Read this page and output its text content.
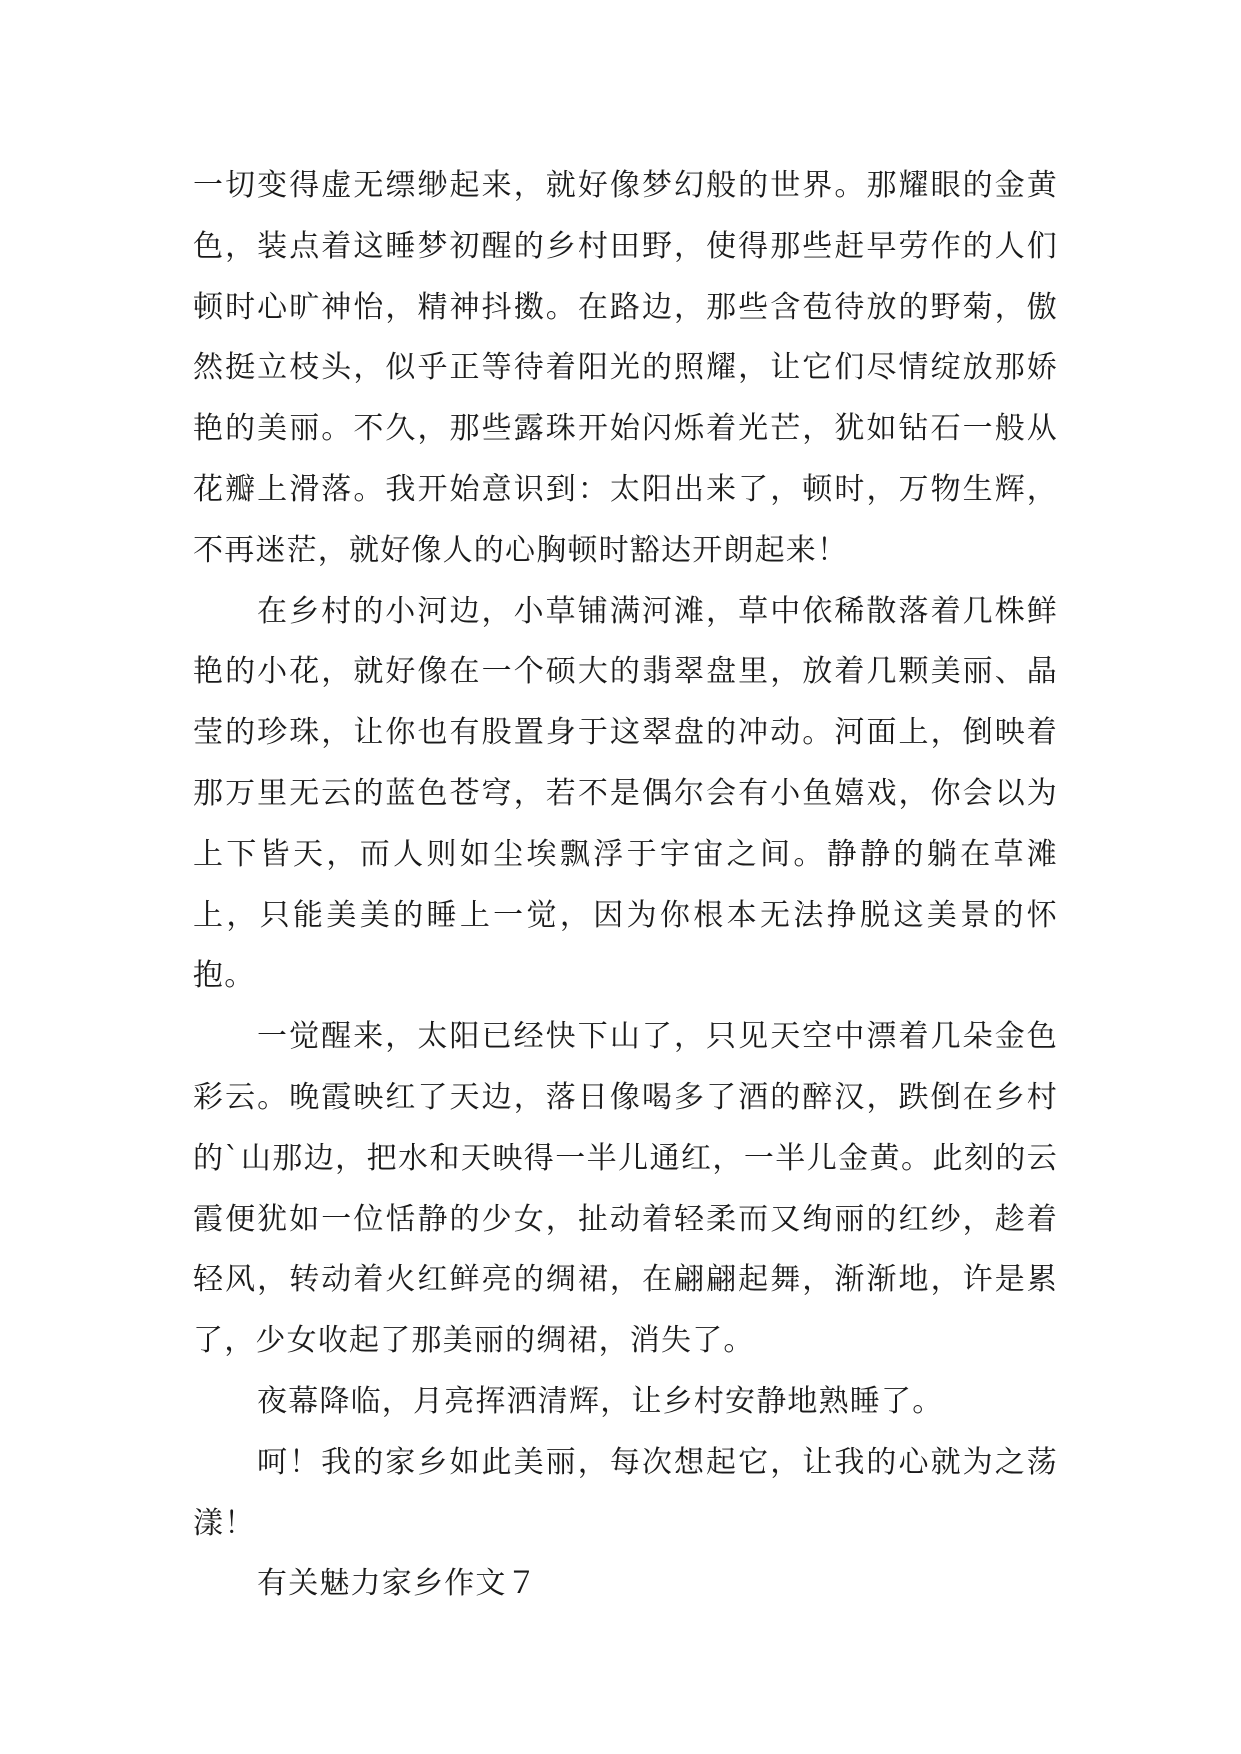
一切变得虚无缥缈起来，就好像梦幻般的世界。那耀眼的金黄色，装点着这睡梦初醒的乡村田野，使得那些赶早劳作的人们顿时心旷神怡，精神抖擞。在路边，那些含苞待放的野菊，傲然挺立枝头，似乎正等待着阳光的照耀，让它们尽情绽放那娇艳的美丽。不久，那些露珠开始闪烁着光芒，犹如钻石一般从花瓣上滑落。我开始意识到：太阳出来了，顿时，万物生辉，不再迷茫，就好像人的心胸顿时豁达开朗起来！

在乡村的小河边，小草铺满河滩，草中依稀散落着几株鲜艳的小花，就好像在一个硕大的翡翠盘里，放着几颗美丽、晶莹的珍珠，让你也有股置身于这翠盘的冲动。河面上，倒映着那万里无云的蓝色苍穹，若不是偶尔会有小鱼嬉戏，你会以为上下皆天，而人则如尘埃飘浮于宇宙之间。静静的躺在草滩上，只能美美的睡上一觉，因为你根本无法挣脱这美景的怀抱。

一觉醒来，太阳已经快下山了，只见天空中漂着几朵金色彩云。晚霞映红了天边，落日像喝多了酒的醉汉，跌倒在乡村的`山那边，把水和天映得一半儿通红，一半儿金黄。此刻的云霞便犹如一位恬静的少女，扯动着轻柔而又绚丽的红纱，趁着轻风，转动着火红鲜亮的绸裙，在翩翩起舞，渐渐地，许是累了，少女收起了那美丽的绸裙，消失了。

夜幕降临，月亮挥洒清辉，让乡村安静地熟睡了。

呵！我的家乡如此美丽，每次想起它，让我的心就为之荡漾！

有关魅力家乡作文７
